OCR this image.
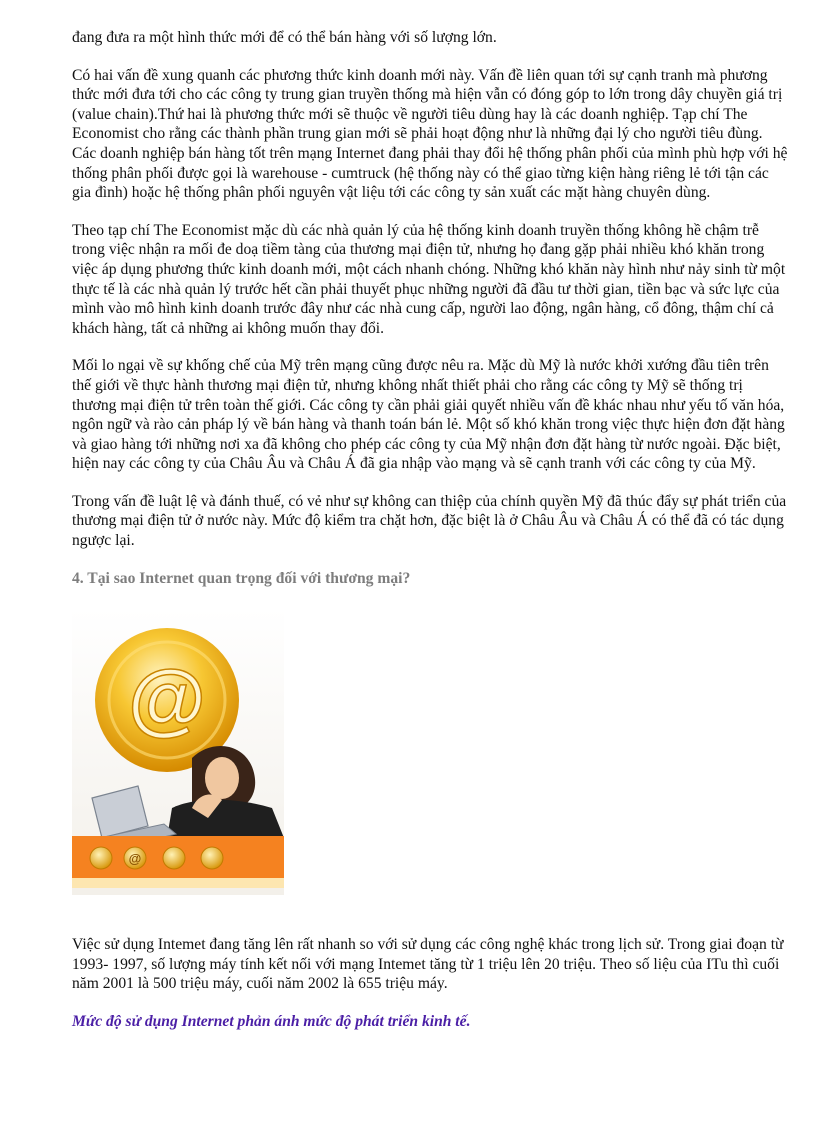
đang đưa ra một hình thức mới để có thể bán hàng với số lượng lớn.

Có hai vấn đề xung quanh các phương thức kinh doanh mới này. Vấn đề liên quan tới sự cạnh tranh mà phương thức mới đưa tới cho các công ty trung gian truyền thống mà hiện vẫn có đóng góp to lớn trong dây chuyền giá trị (value chain).Thứ hai là phương thức mới sẽ thuộc về người tiêu dùng hay là các doanh nghiệp. Tạp chí The Economist cho rằng các thành phần trung gian mới sẽ phải hoạt động như là những đại lý cho người tiêu đùng. Các doanh nghiệp bán hàng tốt trên mạng Internet đang phải thay đổi hệ thống phân phối của mình phù hợp với hệ thống phân phối được gọi là warehouse - cumtruck (hệ thống này có thể giao từng kiện hàng riêng lẻ tới tận các gia đình) hoặc hệ thống phân phối nguyên vật liệu tới các công ty sản xuất các mặt hàng chuyên dùng.

Theo tạp chí The Economist mặc dù các nhà quản lý của hệ thống kinh doanh truyền thống không hề chậm trễ trong việc nhận ra mối đe doạ tiềm tàng của thương mại điện tử, nhưng họ đang gặp phải nhiều khó khăn trong việc áp dụng phương thức kinh doanh mới, một cách nhanh chóng. Những khó khăn này hình như nảy sinh từ một thực tế là các nhà quản lý trước hết cần phải thuyết phục những người đã đầu tư thời gian, tiền bạc và sức lực của mình vào mô hình kinh doanh trước đây như các nhà cung cấp, người lao động, ngân hàng, cổ đông, thậm chí cả khách hàng, tất cả những ai không muốn thay đổi.

Mối lo ngại về sự khống chế của Mỹ trên mạng cũng được nêu ra. Mặc dù Mỹ là nước khởi xướng đầu tiên trên thế giới về thực hành thương mại điện tử, nhưng không nhất thiết phải cho rằng các công ty Mỹ sẽ thống trị thương mại điện tử trên toàn thế giới. Các công ty cần phải giải quyết nhiều vấn đề khác nhau như yếu tố văn hóa, ngôn ngữ và rào cản pháp lý về bán hàng và thanh toán bán lẻ. Một số khó khăn trong việc thực hiện đơn đặt hàng và giao hàng tới những nơi xa đã không cho phép các công ty của Mỹ nhận đơn đặt hàng từ nước ngoài. Đặc biệt, hiện nay các công ty của Châu Âu và Châu Á đã gia nhập vào mạng và sẽ cạnh tranh với các công ty của Mỹ.

Trong vấn đề luật lệ và đánh thuế, có vẻ như sự không can thiệp của chính quyền Mỹ đã thúc đẩy sự phát triển của thương mại điện tử ở nước này. Mức độ kiểm tra chặt hơn, đặc biệt là ở Châu Âu và Châu Á có thể đã có tác dụng ngược lại.

4. Tại sao Internet quan trọng đối với thương mại?
@
@

Việc sử dụng Intemet đang tăng lên rất nhanh so với sử dụng các công nghệ khác trong lịch sử. Trong giai đoạn từ 1993- 1997, số lượng máy tính kết nối với mạng Intemet tăng từ 1 triệu lên 20 triệu. Theo số liệu của ITu thì cuối năm 2001 là 500 triệu máy, cuối năm 2002 là 655 triệu máy.

Mức độ sử dụng Internet phản ánh mức độ phát triển kinh tế.
